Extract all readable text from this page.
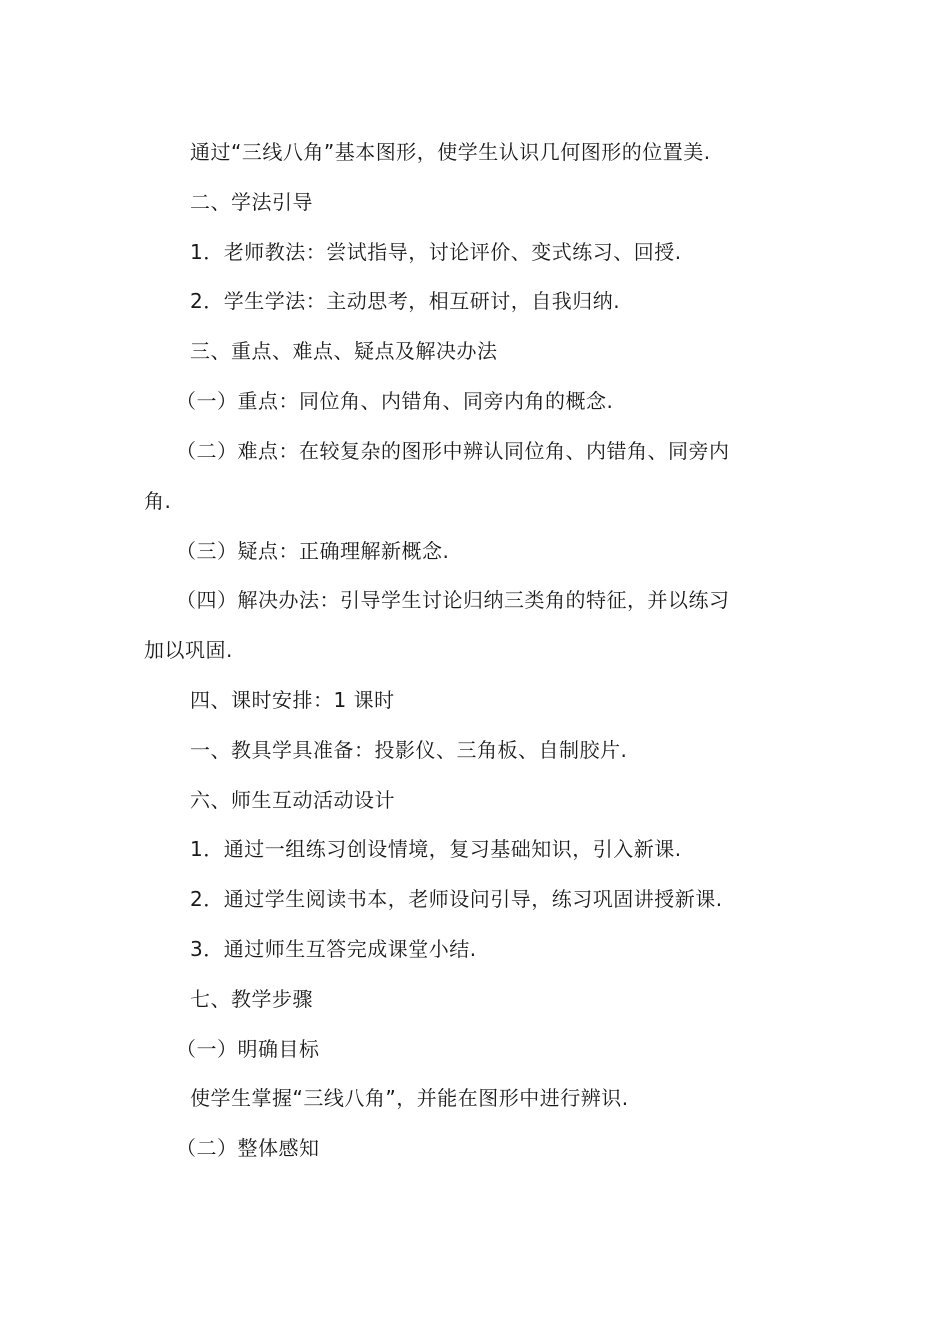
通过“三线八角”基本图形，使学生认识几何图形的位置美.
二、学法引导
1．老师教法：尝试指导，讨论评价、变式练习、回授.
2．学生学法：主动思考，相互研讨，自我归纳.
三、重点、难点、疑点及解决办法
（一）重点：同位角、内错角、同旁内角的概念.
（二）难点：在较复杂的图形中辨认同位角、内错角、同旁内
角.
（三）疑点：正确理解新概念.
（四）解决办法：引导学生讨论归纳三类角的特征，并以练习
加以巩固.
四、课时安排：1 课时
一、教具学具准备：投影仪、三角板、自制胶片.
六、师生互动活动设计
1．通过一组练习创设情境，复习基础知识，引入新课.
2．通过学生阅读书本，老师设问引导，练习巩固讲授新课.
3．通过师生互答完成课堂小结.
七、教学步骤
（一）明确目标
使学生掌握“三线八角”，并能在图形中进行辨识.
（二）整体感知
